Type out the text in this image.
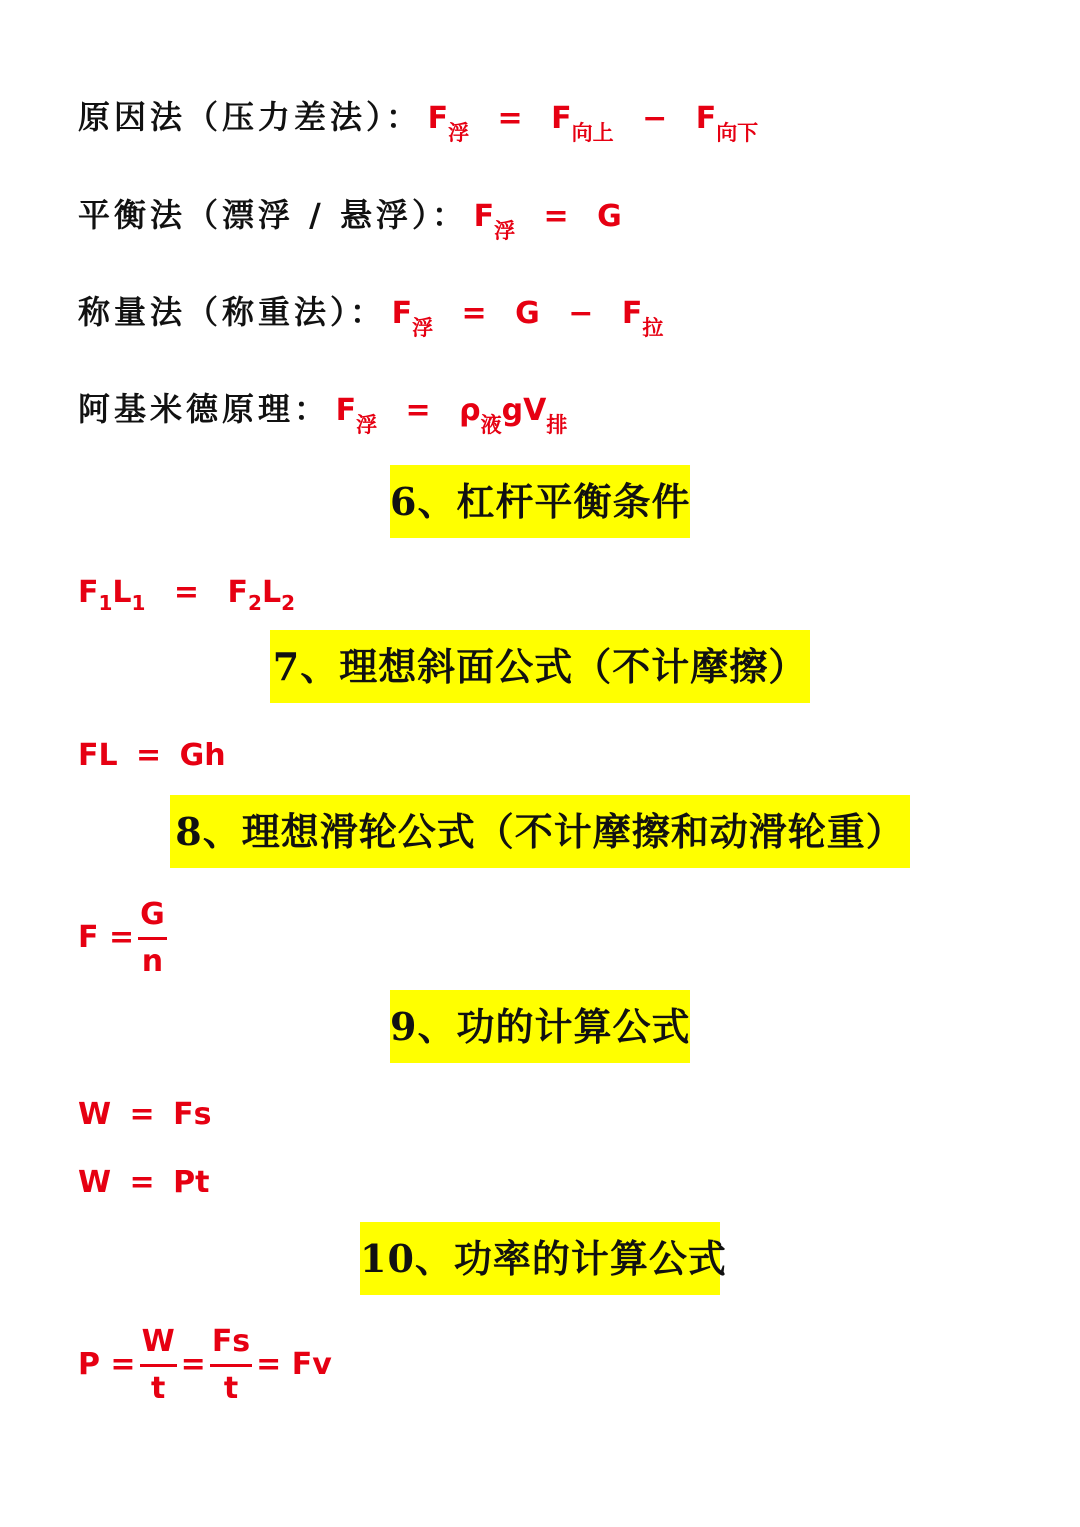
原因法（压力差法）： $F_浮 = F_{向上} - F_{向下}$
平衡法（漂浮 / 悬浮）： $F_浮 = G$
称量法（称重法）： $F_浮 = G - F_拉$
阿基米德原理： $F_浮 = \rho_液gV_排$
6、杠杆平衡条件
$F_1L_1 = F_2L_2$
7、理想斜面公式（不计摩擦）
FL = Gh
8、理想滑轮公式（不计摩擦和动滑轮重）
$F = \frac{G}{n}$
9、功的计算公式
W = Fs
W = Pt
10、功率的计算公式
$P = \frac{W}{t} = \frac{Fs}{t} = Fv$
